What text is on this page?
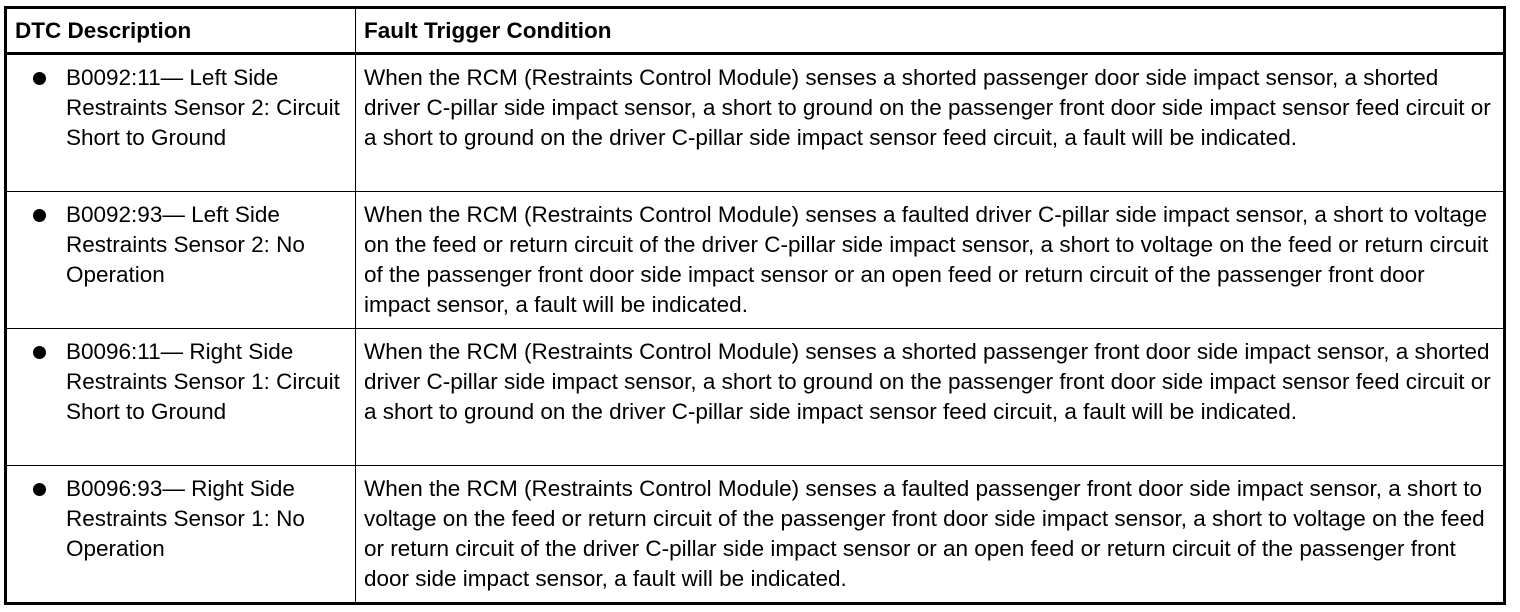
DTC Description	Fault Trigger Condition

B0092:11— Left Side Restraints Sensor 2: Circuit Short to Ground	When the RCM (Restraints Control Module) senses a shorted passenger door side impact sensor, a shorted driver C-pillar side impact sensor, a short to ground on the passenger front door side impact sensor feed circuit or a short to ground on the driver C-pillar side impact sensor feed circuit, a fault will be indicated.

B0092:93— Left Side Restraints Sensor 2: No Operation	When the RCM (Restraints Control Module) senses a faulted driver C-pillar side impact sensor, a short to voltage on the feed or return circuit of the driver C-pillar side impact sensor, a short to voltage on the feed or return circuit of the passenger front door side impact sensor or an open feed or return circuit of the passenger front door impact sensor, a fault will be indicated.

B0096:11— Right Side Restraints Sensor 1: Circuit Short to Ground	When the RCM (Restraints Control Module) senses a shorted passenger front door side impact sensor, a shorted driver C-pillar side impact sensor, a short to ground on the passenger front door side impact sensor feed circuit or a short to ground on the driver C-pillar side impact sensor feed circuit, a fault will be indicated.

B0096:93— Right Side Restraints Sensor 1: No Operation	When the RCM (Restraints Control Module) senses a faulted passenger front door side impact sensor, a short to voltage on the feed or return circuit of the passenger front door side impact sensor, a short to voltage on the feed or return circuit of the driver C-pillar side impact sensor or an open feed or return circuit of the passenger front door side impact sensor, a fault will be indicated.
